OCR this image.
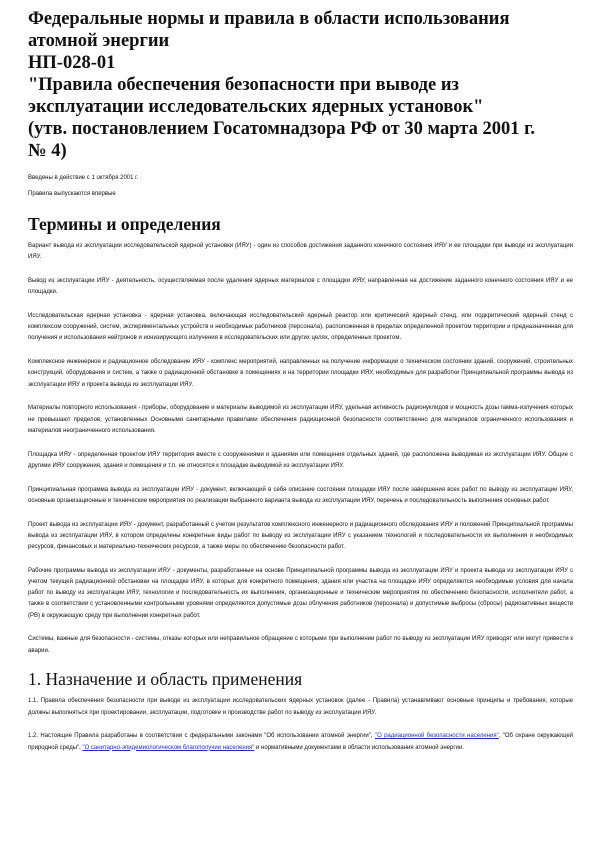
Федеральные нормы и правила в области использования
атомной энергии
НП-028-01
"Правила обеспечения безопасности при выводе из
эксплуатации исследовательских ядерных установок"
(утв. постановлением Госатомнадзора РФ от 30 марта 2001 г.
№ 4)

Введены в действие с 1 октября 2001 г.

Правила выпускаются впервые

Термины и определения

Вариант вывода из эксплуатации исследовательской ядерной установки (ИЯУ) - один из способов достижения заданного конечного состояния ИЯУ и ее площадки при выводе из эксплуатации ИЯУ.

Вывод из эксплуатации ИЯУ - деятельность, осуществляемая после удаления ядерных материалов с площадки ИЯУ, направленная на достижение заданного конечного состояния ИЯУ и ее площадки.

Исследовательская ядерная установка - ядерная установка, включающая исследовательский ядерный реактор или критический ядерный стенд, или подкритический ядерный стенд с комплексом сооружений, систем, экспериментальных устройств и необходимых работников (персонала), расположенная в пределах определенной проектом территории и предназначенная для получения и использования нейтронов и ионизирующего излучения в исследовательских или других целях, определенных проектом.

Комплексное инженерное и радиационное обследование ИЯУ - комплекс мероприятий, направленных на получение информации о техническом состоянии зданий, сооружений, строительных конструкций, оборудования и систем, а также о радиационной обстановке в помещениях и на территории площадки ИЯУ, необходимых для разработки Принципиальной программы вывода из эксплуатации ИЯУ и проекта вывода из эксплуатации ИЯУ.

Материалы повторного использования - приборы, оборудование и материалы выводимой из эксплуатации ИЯУ, удельная активность радионуклидов и мощность дозы гамма-излучения которых не превышают пределов, установленных Основными санитарными правилами обеспечения радиационной безопасности соответственно для материалов ограниченного использования и материалов неограниченного использования.

Площадка ИЯУ - определенная проектом ИЯУ территория вместе с сооружениями и зданиями или помещения отдельных зданий, где расположена выводимая из эксплуатации ИЯУ. Общие с другими ИЯУ сооружения, здания и помещения и т.п. не относятся к площадке выводимой из эксплуатации ИЯУ.

Принципиальная программа вывода из эксплуатации ИЯУ - документ, включающий в себя описание состояния площадки ИЯУ после завершения всех работ по выводу из эксплуатации ИЯУ, основные организационные и технические мероприятия по реализации выбранного варианта вывода из эксплуатации ИЯУ, перечень и последовательность выполнения основных работ.

Проект вывода из эксплуатации ИЯУ - документ, разработанный с учетом результатов комплексного инженерного и радиационного обследования ИЯУ и положений Принципиальной программы вывода из эксплуатации ИЯУ, в котором определены конкретные виды работ по выводу из эксплуатации ИЯУ с указанием технологий и последовательности их выполнения и необходимых ресурсов, финансовых и материально-технических ресурсов, а также меры по обеспечению безопасности работ.

Рабочие программы вывода из эксплуатации ИЯУ - документы, разработанные на основе Принципиальной программы вывода из эксплуатации ИЯУ и проекта вывода из эксплуатации ИЯУ с учетом текущей радиационной обстановки на площадке ИЯУ, в которых для конкретного помещения, здания или участка на площадке ИЯУ определяются необходимые условия для начала работ по выводу из эксплуатации ИЯУ, технологии и последовательность их выполнения, организационные и технические мероприятия по обеспечению безопасности, исполнители работ, а также в соответствии с установленными контрольными уровнями определяются допустимые дозы облучения работников (персонала) и допустимые выбросы (сбросы) радиоактивных веществ (РВ) в окружающую среду при выполнении конкретных работ.

Системы, важные для безопасности - системы, отказы которых или неправильное обращение с которыми при выполнении работ по выводу из эксплуатации ИЯУ приводят или могут привести к аварии.

1. Назначение и область применения

1.1. Правила обеспечения безопасности при выводе из эксплуатации исследовательских ядерных установок (далее - Правила) устанавливают основные принципы и требования, которые должны выполняться при проектировании, эксплуатации, подготовке и производстве работ по выводу из эксплуатации ИЯУ.

1.2. Настоящие Правила разработаны в соответствии с федеральными законами "Об использовании атомной энергии", "О радиационной безопасности населения", "Об охране окружающей природной среды", "О санитарно-эпидемиологическом благополучии населения" и нормативными документами в области использования атомной энергии.
